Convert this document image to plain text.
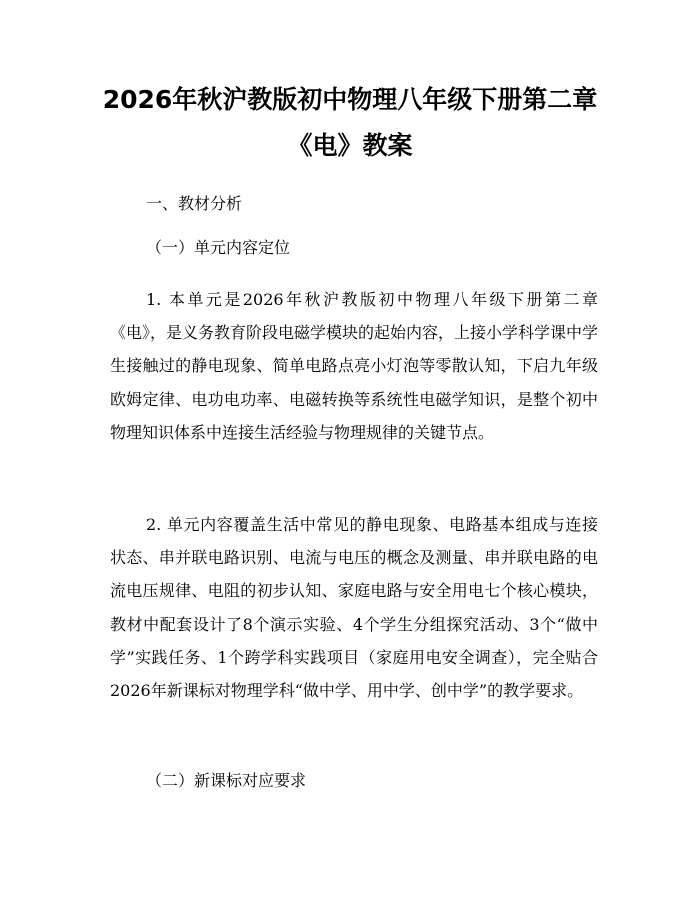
2026年秋沪教版初中物理八年级下册第二章
《电》教案

一、教材分析

（一）单元内容定位

1. 本单元是2026年秋沪教版初中物理八年级下册第二章《电》，是义务教育阶段电磁学模块的起始内容，上接小学科学课中学生接触过的静电现象、简单电路点亮小灯泡等零散认知，下启九年级欧姆定律、电功电功率、电磁转换等系统性电磁学知识，是整个初中物理知识体系中连接生活经验与物理规律的关键节点。

2. 单元内容覆盖生活中常见的静电现象、电路基本组成与连接状态、串并联电路识别、电流与电压的概念及测量、串并联电路的电流电压规律、电阻的初步认知、家庭电路与安全用电七个核心模块，教材中配套设计了8个演示实验、4个学生分组探究活动、3个“做中学”实践任务、1个跨学科实践项目（家庭用电安全调查），完全贴合2026年新课标对物理学科“做中学、用中学、创中学”的教学要求。

（二）新课标对应要求
